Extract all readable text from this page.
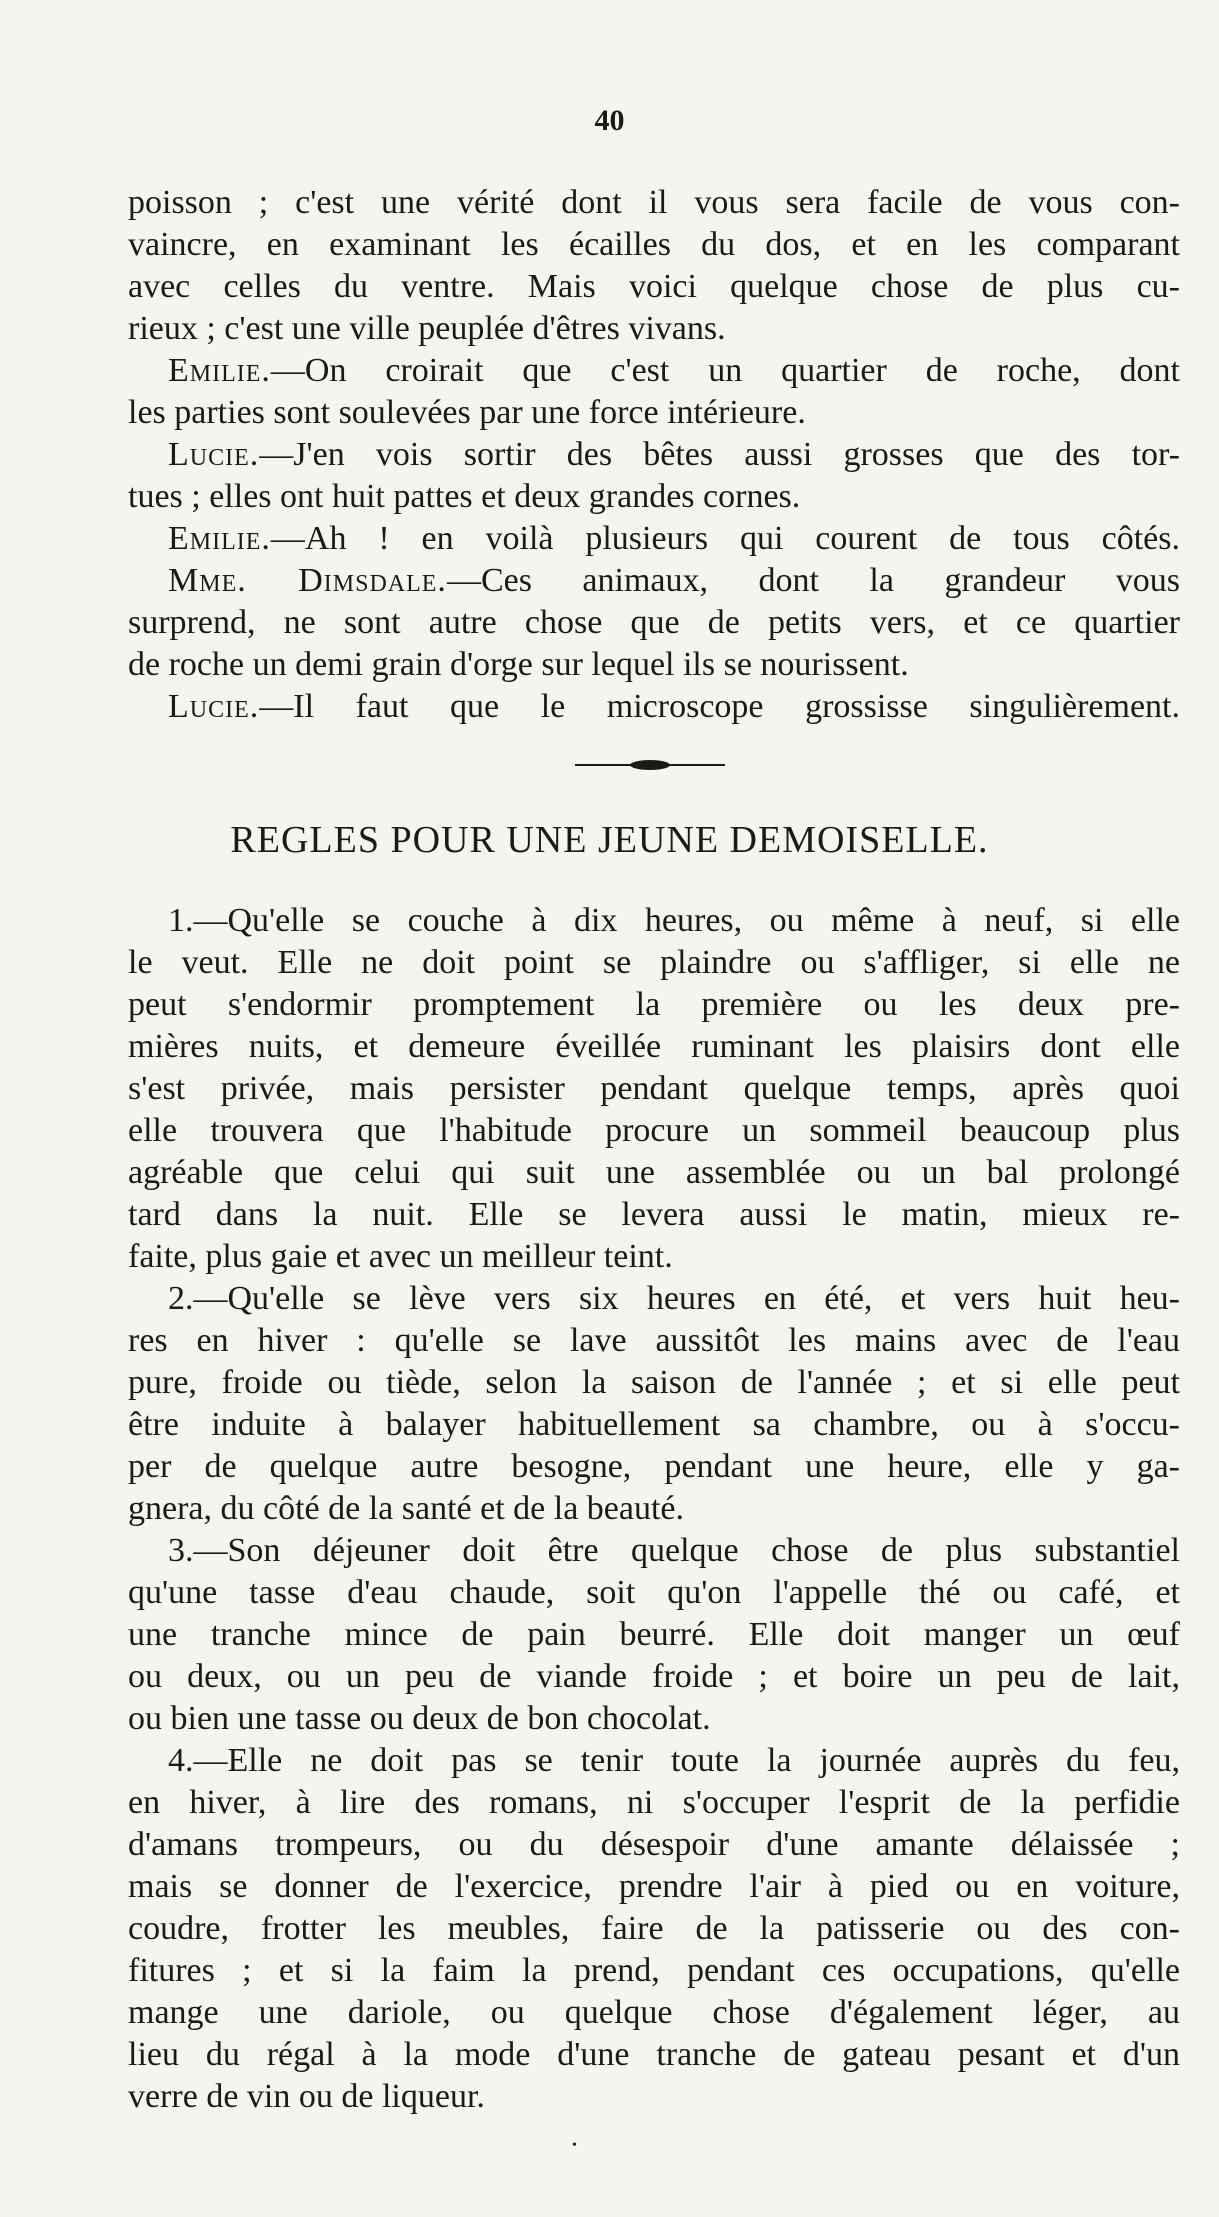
40

poisson ; c'est une vérité dont il vous sera facile de vous con-

vaincre, en examinant les écailles du dos, et en les comparant

avec celles du ventre. Mais voici quelque chose de plus cu-

rieux ; c'est une ville peuplée d'êtres vivans.

Emilie.—On croirait que c'est un quartier de roche, dont

les parties sont soulevées par une force intérieure.

Lucie.—J'en vois sortir des bêtes aussi grosses que des tor-

tues ; elles ont huit pattes et deux grandes cornes.

Emilie.—Ah ! en voilà plusieurs qui courent de tous côtés.

Mme. Dimsdale.—Ces animaux, dont la grandeur vous

surprend, ne sont autre chose que de petits vers, et ce quartier

de roche un demi grain d'orge sur lequel ils se nourissent.

Lucie.—Il faut que le microscope grossisse singulièrement.

REGLES POUR UNE JEUNE DEMOISELLE.

1.—Qu'elle se couche à dix heures, ou même à neuf, si elle

le veut. Elle ne doit point se plaindre ou s'affliger, si elle ne

peut s'endormir promptement la première ou les deux pre-

mières nuits, et demeure éveillée ruminant les plaisirs dont elle

s'est privée, mais persister pendant quelque temps, après quoi

elle trouvera que l'habitude procure un sommeil beaucoup plus

agréable que celui qui suit une assemblée ou un bal prolongé

tard dans la nuit. Elle se levera aussi le matin, mieux re-

faite, plus gaie et avec un meilleur teint.

2.—Qu'elle se lève vers six heures en été, et vers huit heu-

res en hiver : qu'elle se lave aussitôt les mains avec de l'eau

pure, froide ou tiède, selon la saison de l'année ; et si elle peut

être induite à balayer habituellement sa chambre, ou à s'occu-

per de quelque autre besogne, pendant une heure, elle y ga-

gnera, du côté de la santé et de la beauté.

3.—Son déjeuner doit être quelque chose de plus substantiel

qu'une tasse d'eau chaude, soit qu'on l'appelle thé ou café, et

une tranche mince de pain beurré. Elle doit manger un œuf

ou deux, ou un peu de viande froide ; et boire un peu de lait,

ou bien une tasse ou deux de bon chocolat.

4.—Elle ne doit pas se tenir toute la journée auprès du feu,

en hiver, à lire des romans, ni s'occuper l'esprit de la perfidie

d'amans trompeurs, ou du désespoir d'une amante délaissée ;

mais se donner de l'exercice, prendre l'air à pied ou en voiture,

coudre, frotter les meubles, faire de la patisserie ou des con-

fitures ; et si la faim la prend, pendant ces occupations, qu'elle

mange une dariole, ou quelque chose d'également léger, au

lieu du régal à la mode d'une tranche de gateau pesant et d'un

verre de vin ou de liqueur.

•
